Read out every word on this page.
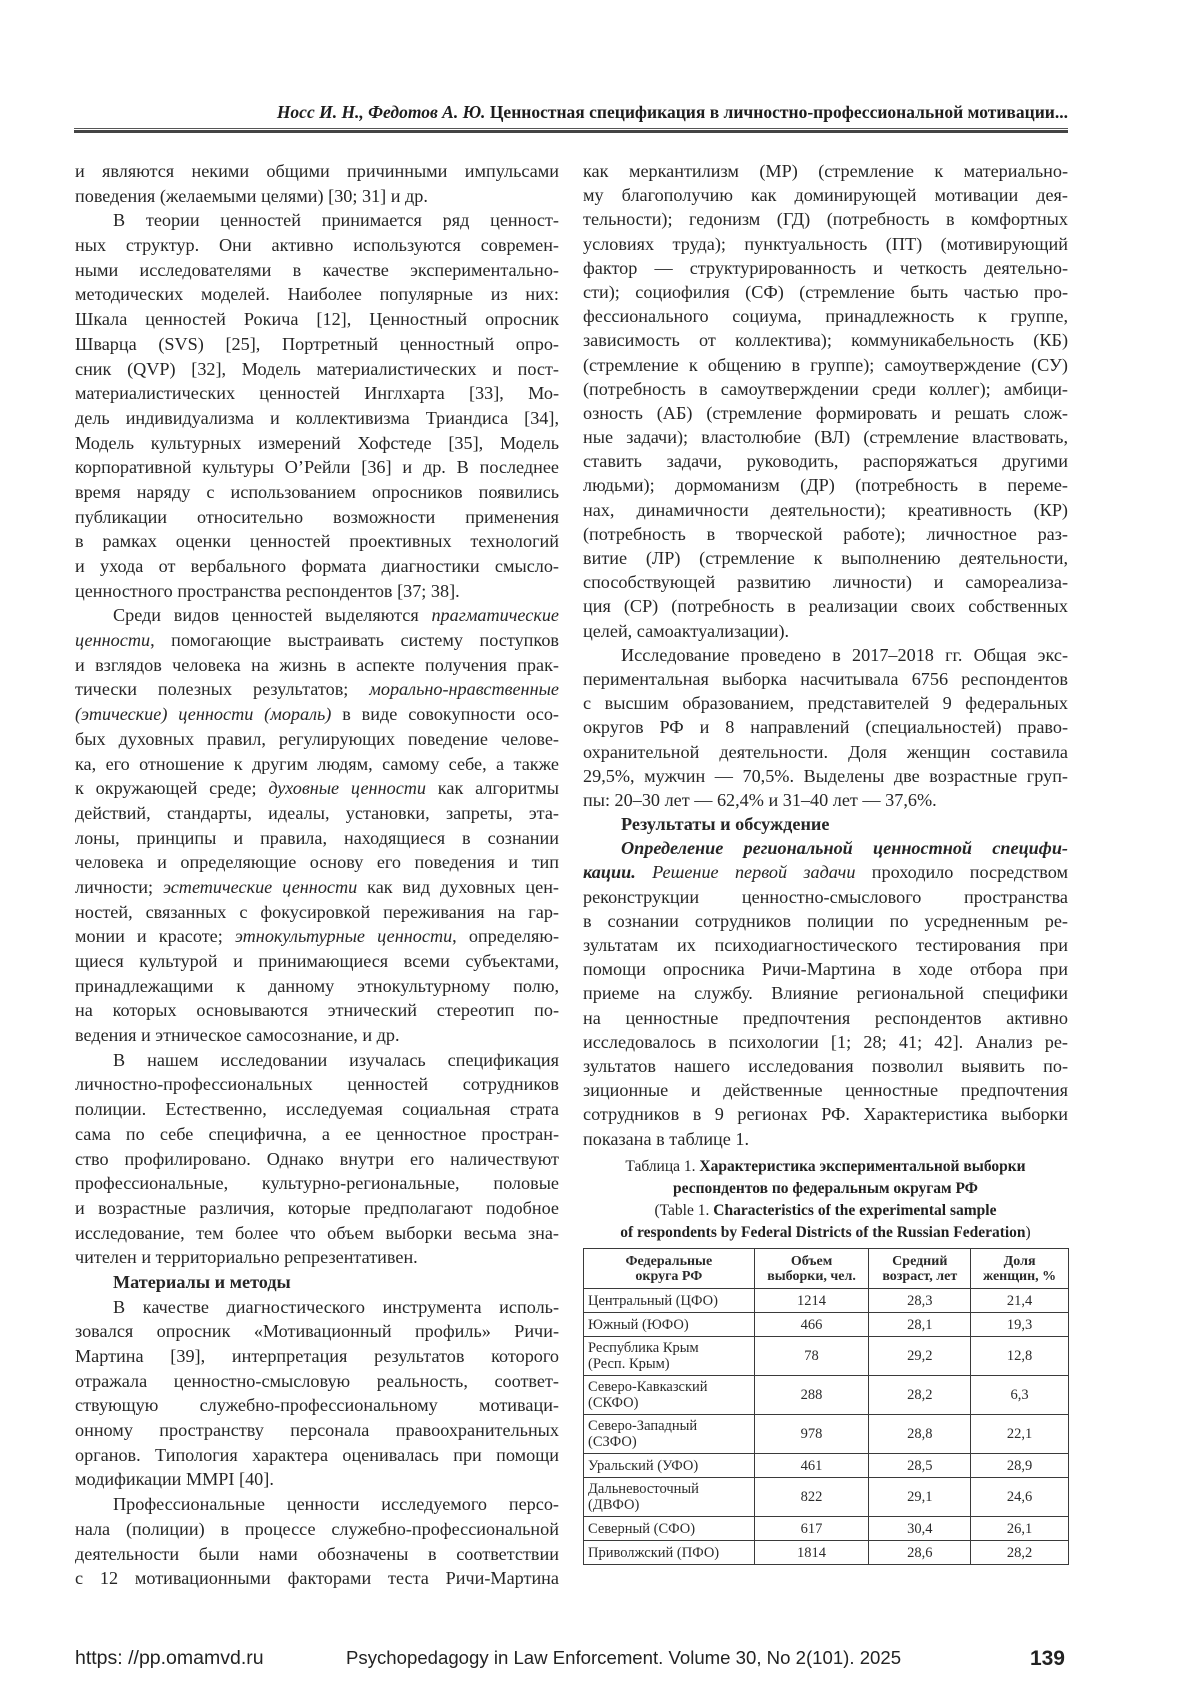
Носс И. Н., Федотов А. Ю. Ценностная спецификация в личностно-профессиональной мотивации...
и являются некими общими причинными импульсами
поведения (желаемыми целями) [30; 31] и др.
В теории ценностей принимается ряд ценност-
ных структур. Они активно используются современ-
ными исследователями в качестве экспериментально-
методических моделей. Наиболее популярные из них:
Шкала ценностей Рокича [12], Ценностный опросник
Шварца (SVS) [25], Портретный ценностный опро-
сник (QVP) [32], Модель материалистических и пост-
материалистических ценностей Инглхарта [33], Мо-
дель индивидуализма и коллективизма Триандиса [34],
Модель культурных измерений Хофстеде [35], Модель
корпоративной культуры О’Рейли [36] и др. В последнее
время наряду с использованием опросников появились
публикации относительно возможности применения
в рамках оценки ценностей проективных технологий
и ухода от вербального формата диагностики смысло-
ценностного пространства респондентов [37; 38].
Среди видов ценностей выделяются прагматические
ценности, помогающие выстраивать систему поступков
и взглядов человека на жизнь в аспекте получения прак-
тически полезных результатов; морально-нравственные
(этические) ценности (мораль) в виде совокупности осо-
бых духовных правил, регулирующих поведение челове-
ка, его отношение к другим людям, самому себе, а также
к окружающей среде; духовные ценности как алгоритмы
действий, стандарты, идеалы, установки, запреты, эта-
лоны, принципы и правила, находящиеся в сознании
человека и определяющие основу его поведения и тип
личности; эстетические ценности как вид духовных цен-
ностей, связанных с фокусировкой переживания на гар-
монии и красоте; этнокультурные ценности, определяю-
щиеся культурой и принимающиеся всеми субъектами,
принадлежащими к данному этнокультурному полю,
на которых основываются этнический стереотип по-
ведения и этническое самосознание, и др.
В нашем исследовании изучалась спецификация
личностно-профессиональных ценностей сотрудников
полиции. Естественно, исследуемая социальная страта
сама по себе специфична, а ее ценностное простран-
ство профилировано. Однако внутри его наличествуют
профессиональные, культурно-региональные, половые
и возрастные различия, которые предполагают подобное
исследование, тем более что объем выборки весьма зна-
чителен и территориально репрезентативен.
Материалы и методы
В качестве диагностического инструмента исполь-
зовался опросник «Мотивационный профиль» Ричи-
Мартина [39], интерпретация результатов которого
отражала ценностно-смысловую реальность, соответ-
ствующую служебно-профессиональному мотиваци-
онному пространству персонала правоохранительных
органов. Типология характера оценивалась при помощи
модификации MMPI [40].
Профессиональные ценности исследуемого персо-
нала (полиции) в процессе служебно-профессиональной
деятельности были нами обозначены в соответствии
с 12 мотивационными факторами теста Ричи-Мартина
как меркантилизм (МР) (стремление к материально-
му благополучию как доминирующей мотивации дея-
тельности); гедонизм (ГД) (потребность в комфортных
условиях труда); пунктуальность (ПТ) (мотивирующий
фактор — структурированность и четкость деятельно-
сти); социофилия (СФ) (стремление быть частью про-
фессионального социума, принадлежность к группе,
зависимость от коллектива); коммуникабельность (КБ)
(стремление к общению в группе); самоутверждение (СУ)
(потребность в самоутверждении среди коллег); амбици-
озность (АБ) (стремление формировать и решать слож-
ные задачи); властолюбие (ВЛ) (стремление властвовать,
ставить задачи, руководить, распоряжаться другими
людьми); дормоманизм (ДР) (потребность в переме-
нах, динамичности деятельности); креативность (КР)
(потребность в творческой работе); личностное раз-
витие (ЛР) (стремление к выполнению деятельности,
способствующей развитию личности) и самореализа-
ция (СР) (потребность в реализации своих собственных
целей, самоактуализации).
Исследование проведено в 2017–2018 гг. Общая экс-
периментальная выборка насчитывала 6756 респондентов
с высшим образованием, представителей 9 федеральных
округов РФ и 8 направлений (специальностей) право-
охранительной деятельности. Доля женщин составила
29,5%, мужчин — 70,5%. Выделены две возрастные груп-
пы: 20–30 лет — 62,4% и 31–40 лет — 37,6%.
Результаты и обсуждение
Определение региональной ценностной специфи-
кации. Решение первой задачи проходило посредством
реконструкции ценностно-смыслового пространства
в сознании сотрудников полиции по усредненным ре-
зультатам их психодиагностического тестирования при
помощи опросника Ричи-Мартина в ходе отбора при
приеме на службу. Влияние региональной специфики
на ценностные предпочтения респондентов активно
исследовалось в психологии [1; 28; 41; 42]. Анализ ре-
зультатов нашего исследования позволил выявить по-
зиционные и действенные ценностные предпочтения
сотрудников в 9 регионах РФ. Характеристика выборки
показана в таблице 1.
Таблица 1. Характеристика экспериментальной выборки
респондентов по федеральным округам РФ
(Table 1. Characteristics of the experimental sample
of respondents by Federal Districts of the Russian Federation)
Федеральные
округа РФ	Объем
выборки, чел.	Средний
возраст, лет	Доля
женщин, %
Центральный (ЦФО)	1214	28,3	21,4
Южный (ЮФО)	466	28,1	19,3
Республика Крым
(Респ. Крым)	78	29,2	12,8
Северо-Кавказский
(СКФО)	288	28,2	6,3
Северо-Западный
(СЗФО)	978	28,8	22,1
Уральский (УФО)	461	28,5	28,9
Дальневосточный
(ДВФО)	822	29,1	24,6
Северный (СФО)	617	30,4	26,1
Приволжский (ПФО)	1814	28,6	28,2
https: //pp.omamvd.ru	Psychopedagogy in Law Enforcement. Volume 30, No 2(101). 2025	139
